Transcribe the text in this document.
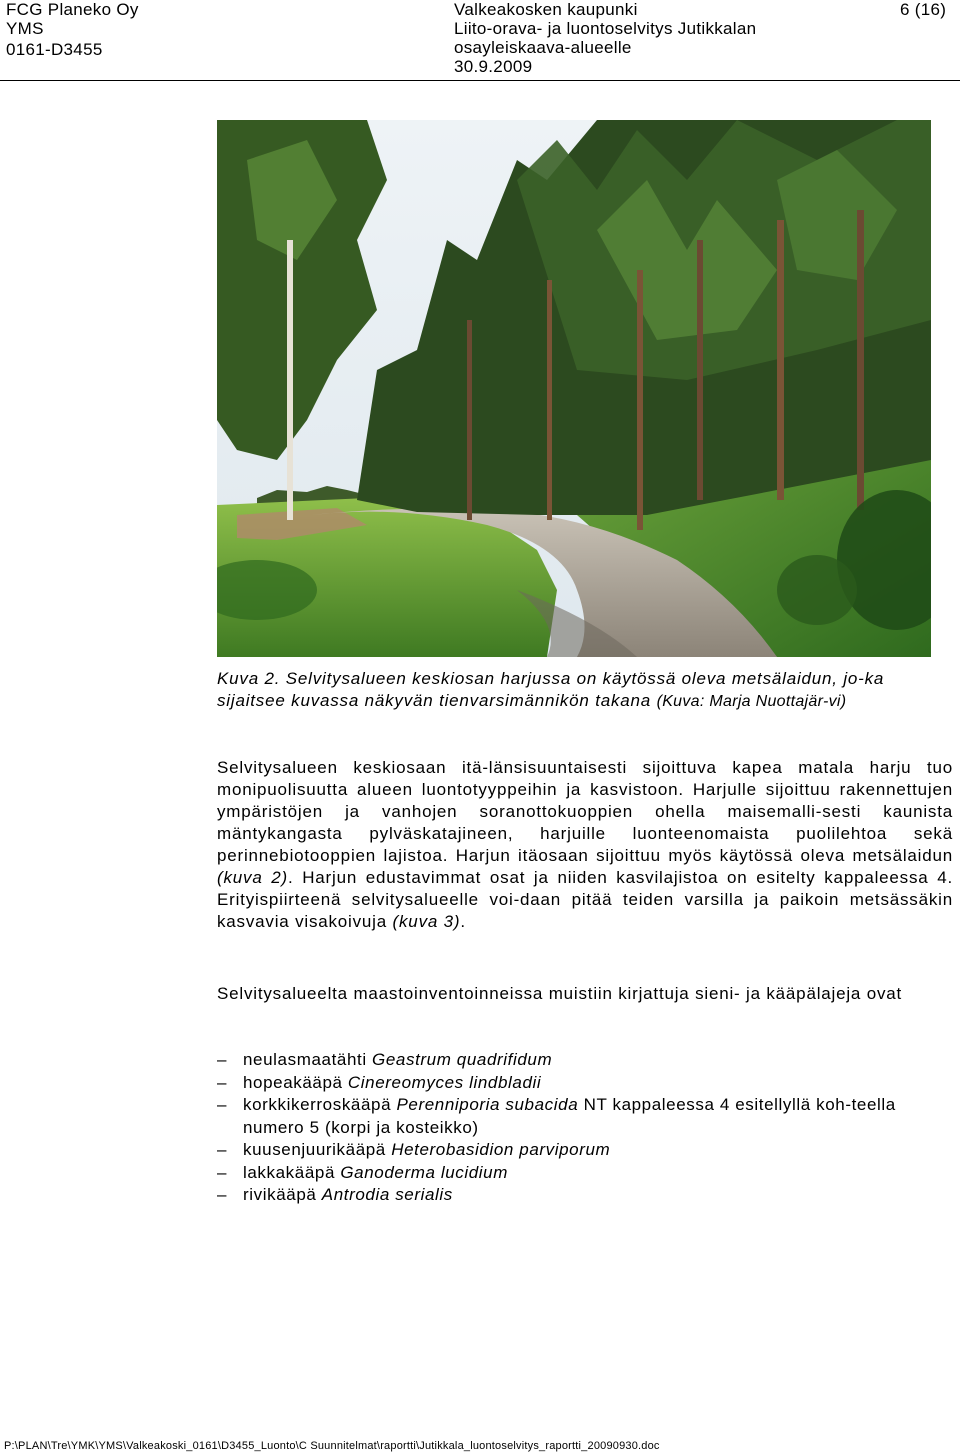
FCG Planeko Oy
YMS
0161-D3455
Valkeakosken kaupunki
Liito-orava- ja luontoselvitys Jutikkalan
osayleiskaava-alueelle
30.9.2009
6 (16)
Kuva 2. Selvitysalueen keskiosan harjussa on käytössä oleva metsälaidun, jo-ka sijaitsee kuvassa näkyvän tienvarsimännikön takana (Kuva: Marja Nuottajär-vi)
Selvitysalueen keskiosaan itä-länsisuuntaisesti sijoittuva kapea matala harju tuo monipuolisuutta alueen luontotyyppeihin ja kasvistoon. Harjulle sijoittuu rakennettujen ympäristöjen ja vanhojen soranottokuoppien ohella maisemalli-sesti kaunista mäntykangasta pylväskatajineen, harjuille luonteenomaista puolilehtoa sekä perinnebiotooppien lajistoa. Harjun itäosaan sijoittuu myös käytössä oleva metsälaidun (kuva 2). Harjun edustavimmat osat ja niiden kasvilajistoa on esitelty kappaleessa 4. Erityispiirteenä selvitysalueelle voi-daan pitää teiden varsilla ja paikoin metsässäkin kasvavia visakoivuja (kuva 3).
Selvitysalueelta maastoinventoinneissa muistiin kirjattuja sieni- ja kääpälajeja ovat
– neulasmaatähti Geastrum quadrifidum
– hopeakääpä Cinereomyces lindbladii
– korkkikerroskääpä Perenniporia subacida NT kappaleessa 4 esitellyllä koh-teella numero 5 (korpi ja kosteikko)
– kuusenjuurikääpä Heterobasidion parviporum
– lakkakääpä Ganoderma lucidium
– rivikääpä Antrodia serialis
P:\PLAN\Tre\YMK\YMS\Valkeakoski_0161\D3455_Luonto\C Suunnitelmat\raportti\Jutikkala_luontoselvitys_raportti_20090930.doc
